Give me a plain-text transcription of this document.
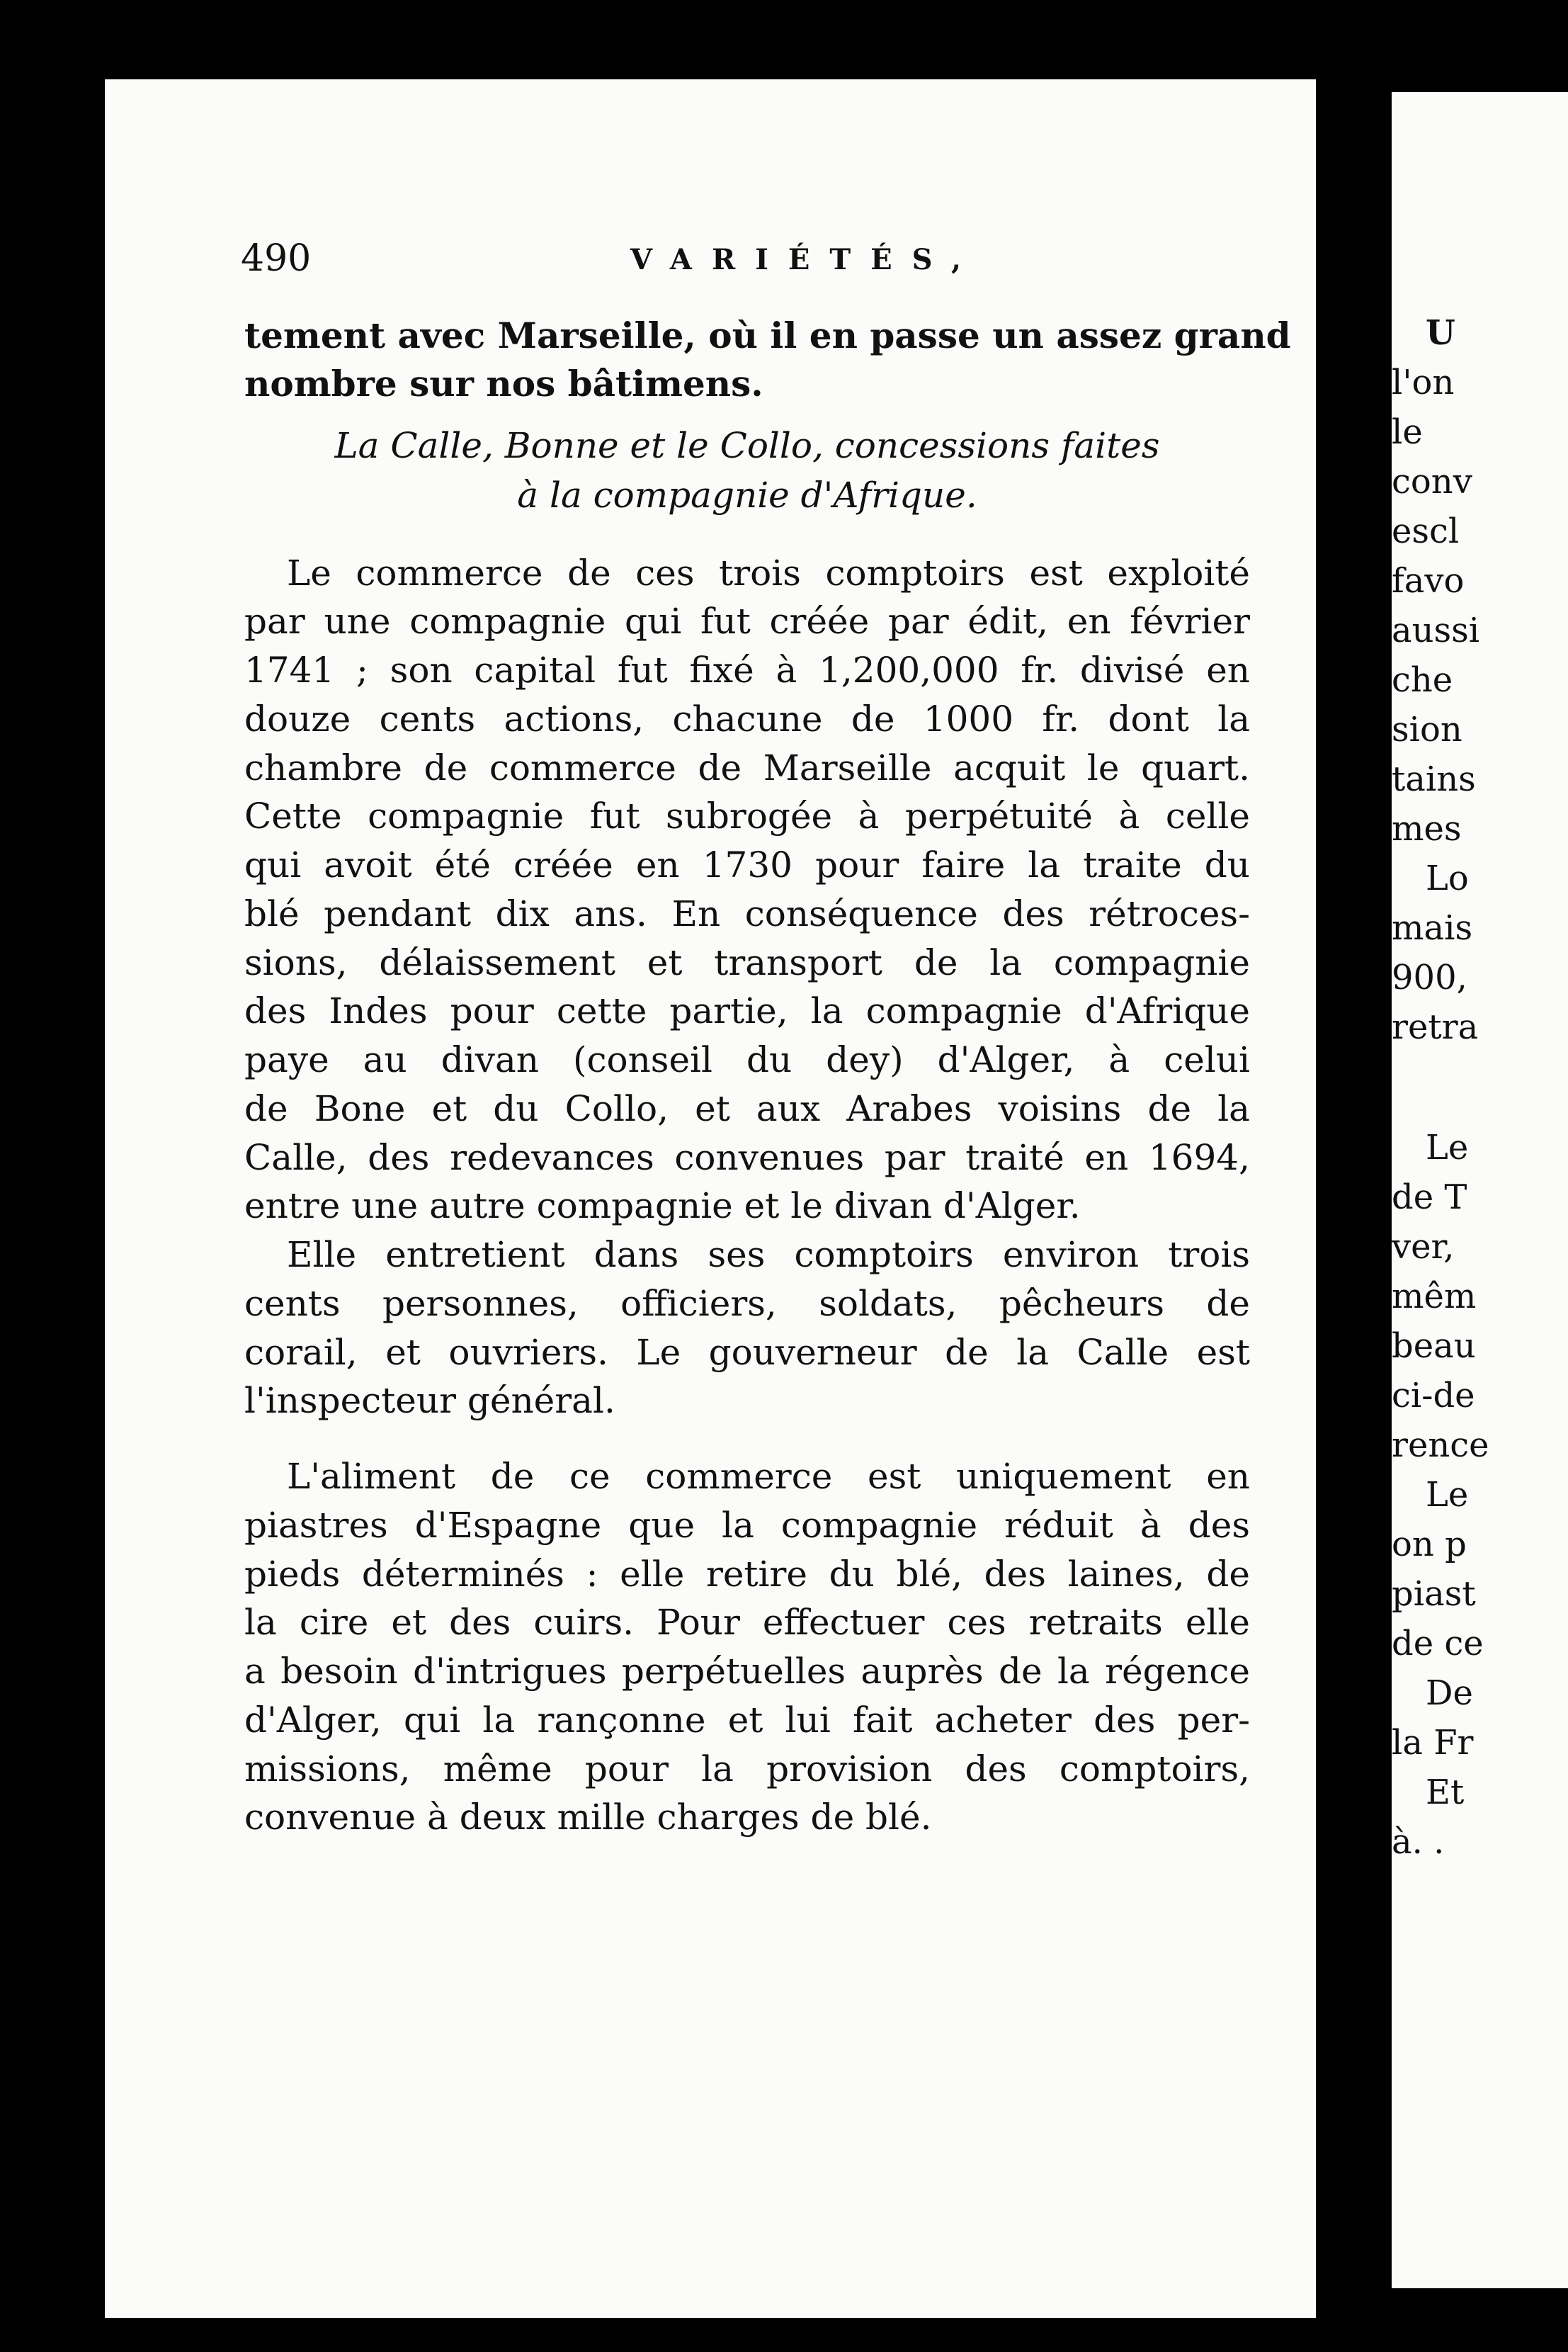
490	VARIÉTÉS,
tement avec Marseille, où il en passe un assez grand
nombre sur nos bâtimens.
La Calle, Bonne et le Collo, concessions faites
à la compagnie d'Afrique.
Le commerce de ces trois comptoirs est exploité
par une compagnie qui fut créée par édit, en février
1741 ; son capital fut fixé à 1,200,000 fr. divisé en
douze cents actions, chacune de 1000 fr. dont la
chambre de commerce de Marseille acquit le quart.
Cette compagnie fut subrogée à perpétuité à celle
qui avoit été créée en 1730 pour faire la traite du
blé pendant dix ans. En conséquence des rétroces-
sions, délaissement et transport de la compagnie
des Indes pour cette partie, la compagnie d'Afrique
paye au divan (conseil du dey) d'Alger, à celui
de Bone et du Collo, et aux Arabes voisins de la
Calle, des redevances convenues par traité en 1694,
entre une autre compagnie et le divan d'Alger.
Elle entretient dans ses comptoirs environ trois
cents personnes, officiers, soldats, pêcheurs de
corail, et ouvriers. Le gouverneur de la Calle est
l'inspecteur général.
L'aliment de ce commerce est uniquement en
piastres d'Espagne que la compagnie réduit à des
pieds déterminés : elle retire du blé, des laines, de
la cire et des cuirs. Pour effectuer ces retraits elle
a besoin d'intrigues perpétuelles auprès de la régence
d'Alger, qui la rançonne et lui fait acheter des per-
missions, même pour la provision des comptoirs,
convenue à deux mille charges de blé.
U
l'on
le
conv
escl
favo
aussi
che
sion
tains
mes
Lo
mais
900,
retra
Le
de T
ver,
mêm
beau
ci-de
rence
Le
on p
piast
de ce
De
la Fr
Et
à. .
